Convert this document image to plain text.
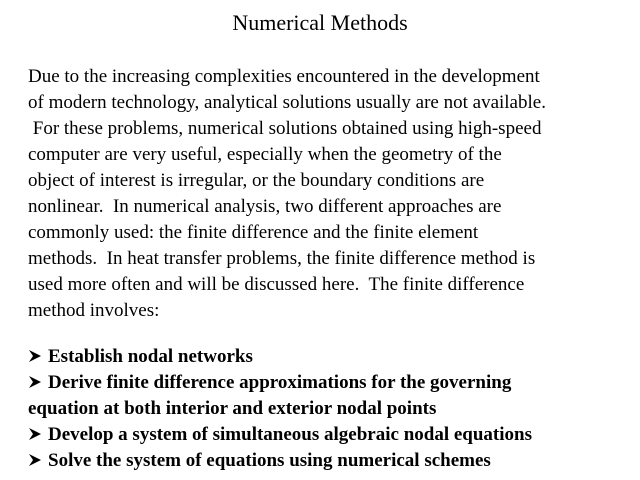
Numerical Methods
Due to the increasing complexities encountered in the development
of modern technology, analytical solutions usually are not available.
For these problems, numerical solutions obtained using high-speed
computer are very useful, especially when the geometry of the
object of interest is irregular, or the boundary conditions are
nonlinear.  In numerical analysis, two different approaches are
commonly used: the finite difference and the finite element
methods.  In heat transfer problems, the finite difference method is
used more often and will be discussed here.  The finite difference
method involves:
Establish nodal networks
Derive finite difference approximations for the governing
equation at both interior and exterior nodal points
Develop a system of simultaneous algebraic nodal equations
Solve the system of equations using numerical schemes
